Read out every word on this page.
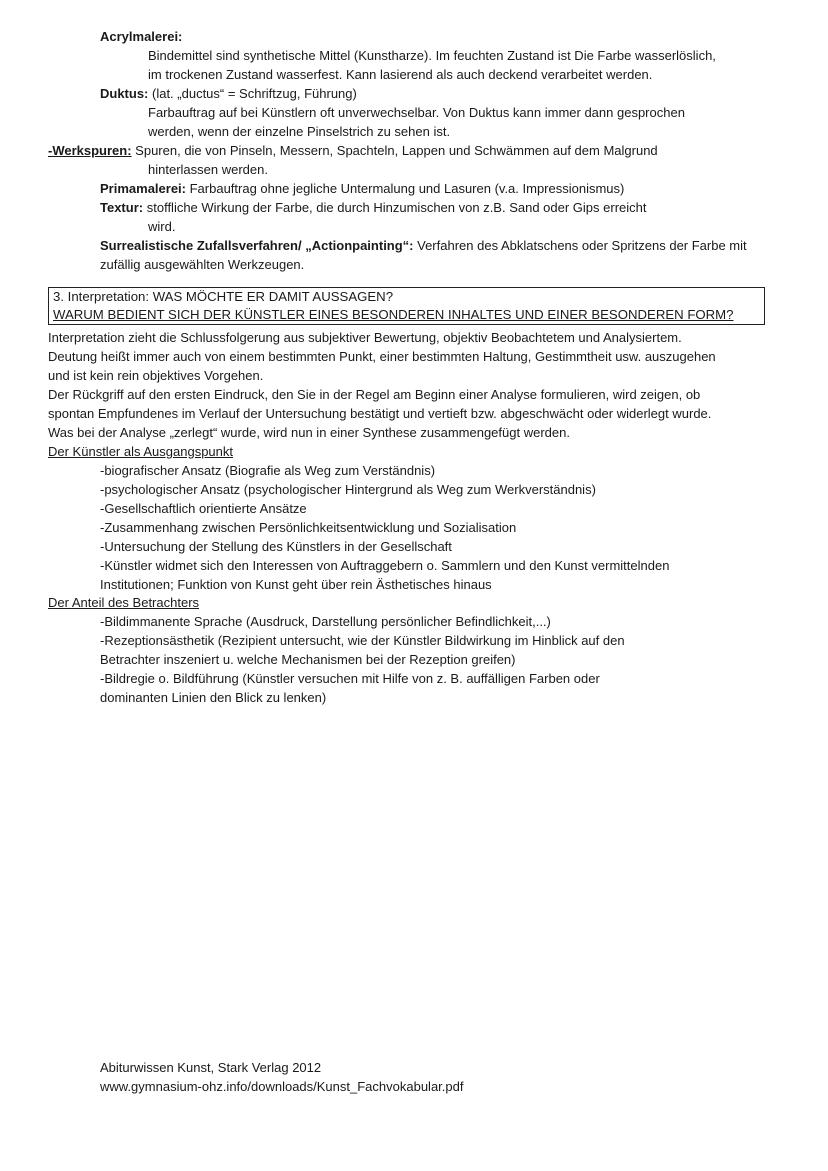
Acrylmalerei:
Bindemittel sind synthetische Mittel (Kunstharze). Im feuchten Zustand ist Die Farbe wasserlöslich,
im trockenen Zustand wasserfest. Kann lasierend als auch deckend verarbeitet werden.
Duktus: (lat. „ductus“ = Schriftzug, Führung)
Farbauftrag auf bei Künstlern oft unverwechselbar. Von Duktus kann immer dann gesprochen
werden, wenn der einzelne Pinselstrich zu sehen ist.
-Werkspuren: Spuren, die von Pinseln, Messern, Spachteln, Lappen und Schwämmen auf dem Malgrund
hinterlassen werden.
Primamalerei: Farbauftrag ohne jegliche Untermalung und Lasuren (v.a. Impressionismus)
Textur: stoffliche Wirkung der Farbe, die durch Hinzumischen von z.B. Sand oder Gips erreicht
wird.
Surrealistische Zufallsverfahren/ „Actionpainting“: Verfahren des Abklatschens oder Spritzens der Farbe mit
zufällig ausgewählten Werkzeugen.
3. Interpretation: WAS MÖCHTE ER DAMIT AUSSAGEN?
WARUM BEDIENT SICH DER KÜNSTLER EINES BESONDEREN INHALTES UND EINER BESONDEREN FORM?
Interpretation zieht die Schlussfolgerung aus subjektiver Bewertung, objektiv Beobachtetem und Analysiertem.
Deutung heißt immer auch von einem bestimmten Punkt, einer bestimmten Haltung, Gestimmtheit usw. auszugehen
und ist kein rein objektives Vorgehen.
Der Rückgriff auf den ersten Eindruck, den Sie in der Regel am Beginn einer Analyse formulieren, wird zeigen, ob
spontan Empfundenes im Verlauf der Untersuchung bestätigt und vertieft bzw. abgeschwächt oder widerlegt wurde.
Was bei der Analyse „zerlegt“ wurde, wird nun in einer Synthese zusammengefügt werden.
Der Künstler als Ausgangspunkt
-biografischer Ansatz (Biografie als Weg zum Verständnis)
-psychologischer Ansatz (psychologischer Hintergrund als Weg zum Werkverständnis)
-Gesellschaftlich orientierte Ansätze
-Zusammenhang zwischen Persönlichkeitsentwicklung und Sozialisation
-Untersuchung der Stellung des Künstlers in der Gesellschaft
-Künstler widmet sich den Interessen von Auftraggebern o. Sammlern und den Kunst vermittelnden
Institutionen; Funktion von Kunst geht über rein Ästhetisches hinaus
Der Anteil des Betrachters
-Bildimmanente Sprache (Ausdruck, Darstellung persönlicher Befindlichkeit,...)
-Rezeptionsästhetik (Rezipient untersucht, wie der Künstler Bildwirkung im Hinblick auf den
Betrachter inszeniert u. welche Mechanismen bei der Rezeption greifen)
-Bildregie o. Bildführung (Künstler versuchen mit Hilfe von z. B. auffälligen Farben oder
dominanten Linien den Blick zu lenken)
Abiturwissen Kunst, Stark Verlag 2012
www.gymnasium-ohz.info/downloads/Kunst_Fachvokabular.pdf
